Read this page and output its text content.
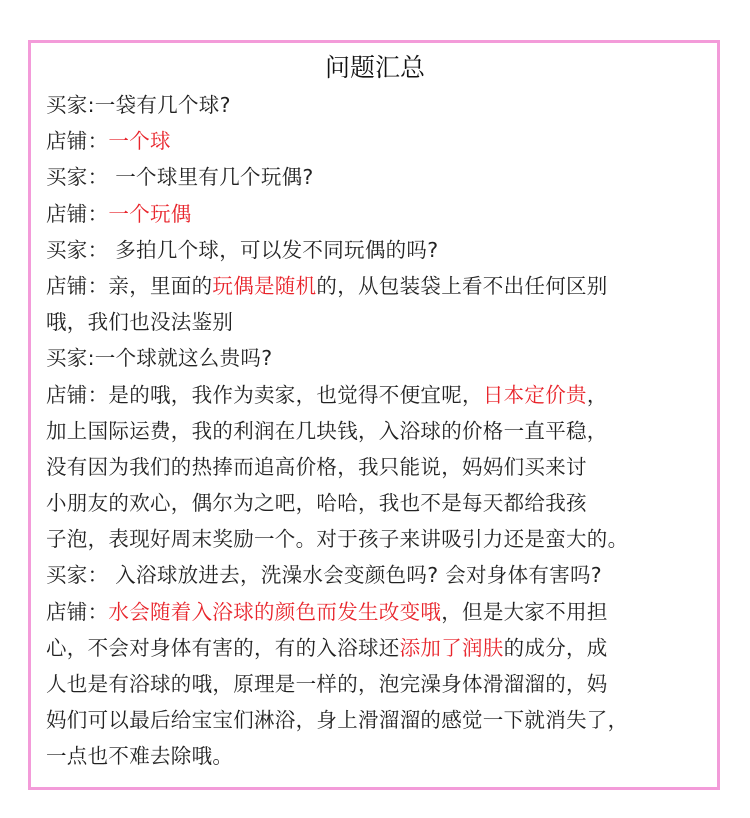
问题汇总
买家:一袋有几个球?
店铺：一个球
买家： 一个球里有几个玩偶?
店铺：一个玩偶
买家： 多拍几个球，可以发不同玩偶的吗?
店铺：亲，里面的玩偶是随机的，从包装袋上看不出任何区别
哦，我们也没法鉴别
买家:一个球就这么贵吗?
店铺：是的哦，我作为卖家，也觉得不便宜呢，日本定价贵，
加上国际运费，我的利润在几块钱，入浴球的价格一直平稳，
没有因为我们的热捧而追高价格，我只能说，妈妈们买来讨
小朋友的欢心，偶尔为之吧，哈哈，我也不是每天都给我孩
子泡，表现好周末奖励一个。对于孩子来讲吸引力还是蛮大的。
买家： 入浴球放进去，洗澡水会变颜色吗? 会对身体有害吗?
店铺：水会随着入浴球的颜色而发生改变哦，但是大家不用担
心，不会对身体有害的，有的入浴球还添加了润肤的成分，成
人也是有浴球的哦，原理是一样的，泡完澡身体滑溜溜的，妈
妈们可以最后给宝宝们淋浴，身上滑溜溜的感觉一下就消失了，
一点也不难去除哦。
